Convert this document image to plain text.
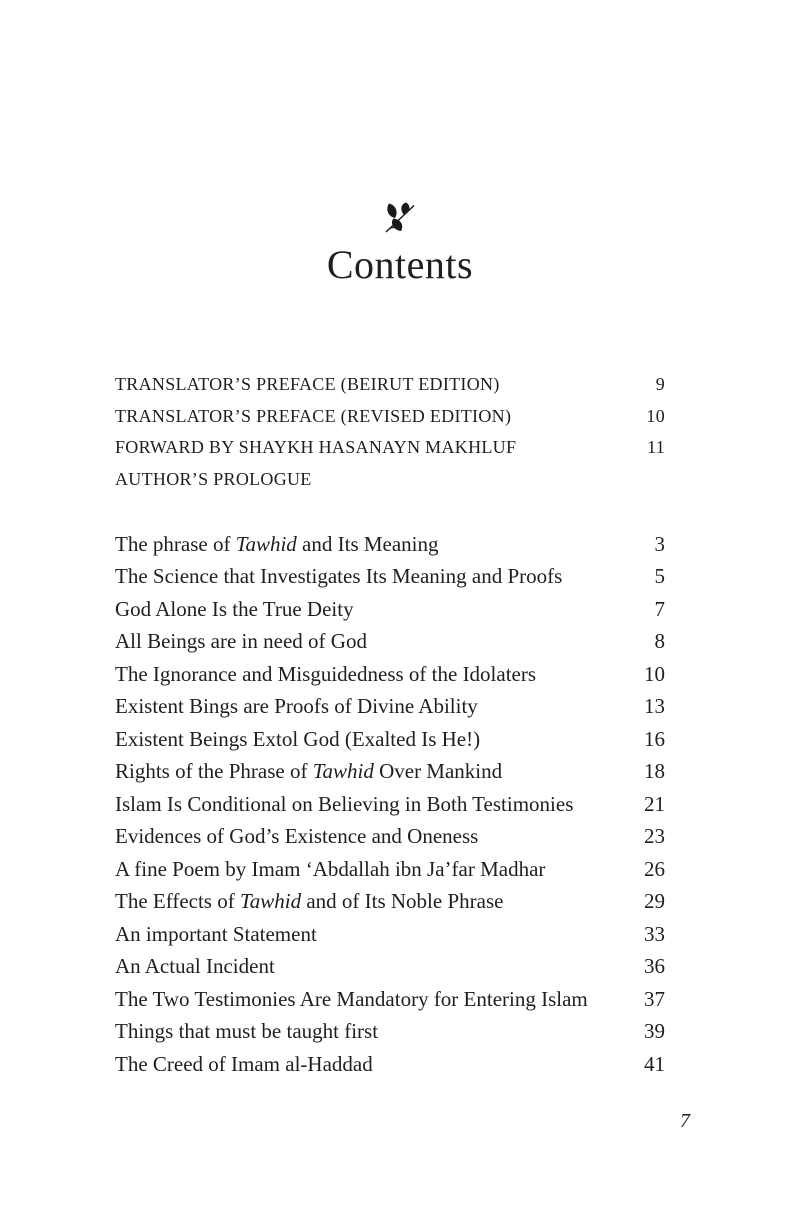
Contents
TRANSLATOR’S PREFACE (BEIRUT EDITION)	9
TRANSLATOR’S PREFACE (REVISED EDITION)	10
FORWARD BY SHAYKH HASANAYN MAKHLUF	11
AUTHOR’S PROLOGUE
The phrase of Tawhid and Its Meaning	3
The Science that Investigates Its Meaning and Proofs	5
God Alone Is the True Deity	7
All Beings are in need of God	8
The Ignorance and Misguidedness of the Idolaters	10
Existent Bings are Proofs of Divine Ability	13
Existent Beings Extol God (Exalted Is He!)	16
Rights of the Phrase of Tawhid Over Mankind	18
Islam Is Conditional on Believing in Both Testimonies	21
Evidences of God’s Existence and Oneness	23
A fine Poem by Imam ‘Abdallah ibn Ja’far Madhar	26
The Effects of Tawhid and of Its Noble Phrase	29
An important Statement	33
An Actual Incident	36
The Two Testimonies Are Mandatory for Entering Islam	37
Things that must be taught first	39
The Creed of Imam al-Haddad	41
7
